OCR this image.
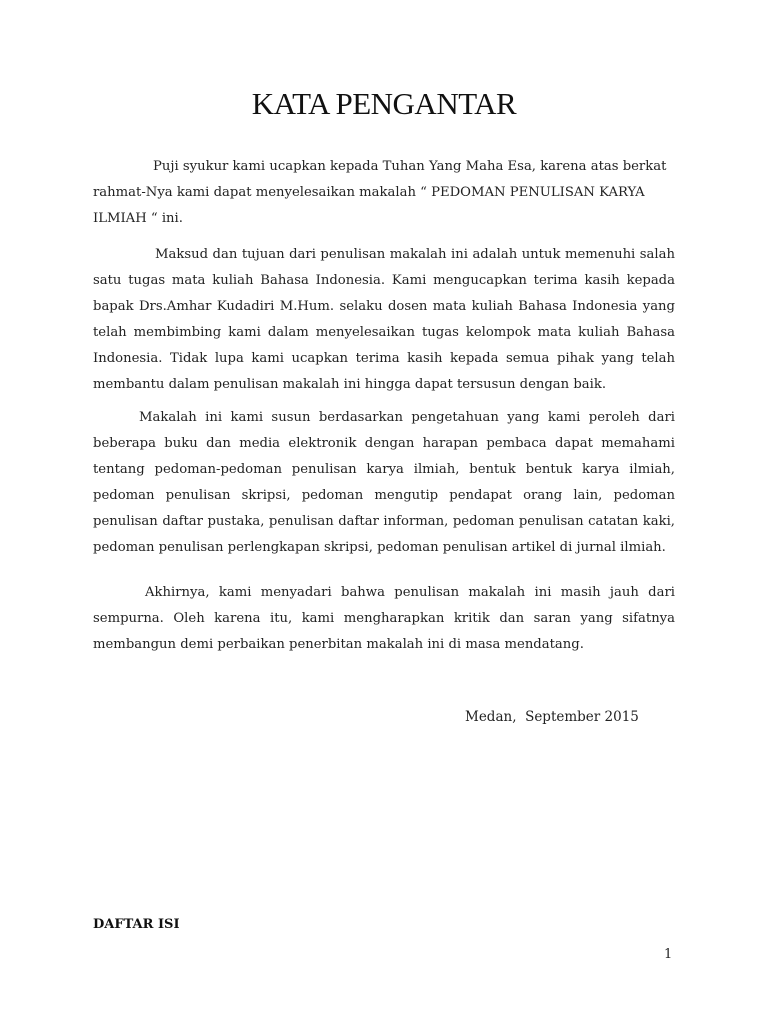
KATA PENGANTAR

Puji syukur kami ucapkan kepada Tuhan Yang Maha Esa, karena atas berkat rahmat-Nya kami dapat menyelesaikan makalah “ PEDOMAN PENULISAN KARYA ILMIAH “ ini.

Maksud dan tujuan dari penulisan makalah ini adalah untuk memenuhi salah satu tugas mata kuliah Bahasa Indonesia. Kami mengucapkan terima kasih kepada bapak Drs.Amhar Kudadiri M.Hum. selaku dosen mata kuliah Bahasa Indonesia yang telah membimbing kami dalam menyelesaikan tugas kelompok mata kuliah Bahasa Indonesia. Tidak lupa kami ucapkan terima kasih kepada semua pihak yang telah membantu dalam penulisan makalah ini hingga dapat tersusun dengan baik.

Makalah ini kami susun berdasarkan pengetahuan yang kami peroleh dari beberapa buku dan media elektronik dengan harapan pembaca dapat memahami tentang pedoman-pedoman penulisan karya ilmiah, bentuk bentuk karya ilmiah, pedoman penulisan skripsi, pedoman mengutip pendapat orang lain, pedoman penulisan daftar pustaka, penulisan daftar informan, pedoman penulisan catatan kaki, pedoman penulisan perlengkapan skripsi, pedoman penulisan artikel di jurnal ilmiah.

Akhirnya, kami menyadari bahwa penulisan makalah ini masih jauh dari sempurna. Oleh karena itu, kami mengharapkan kritik dan saran yang sifatnya membangun demi perbaikan penerbitan makalah ini di masa mendatang.

Medan,  September 2015
DAFTAR ISI
1
